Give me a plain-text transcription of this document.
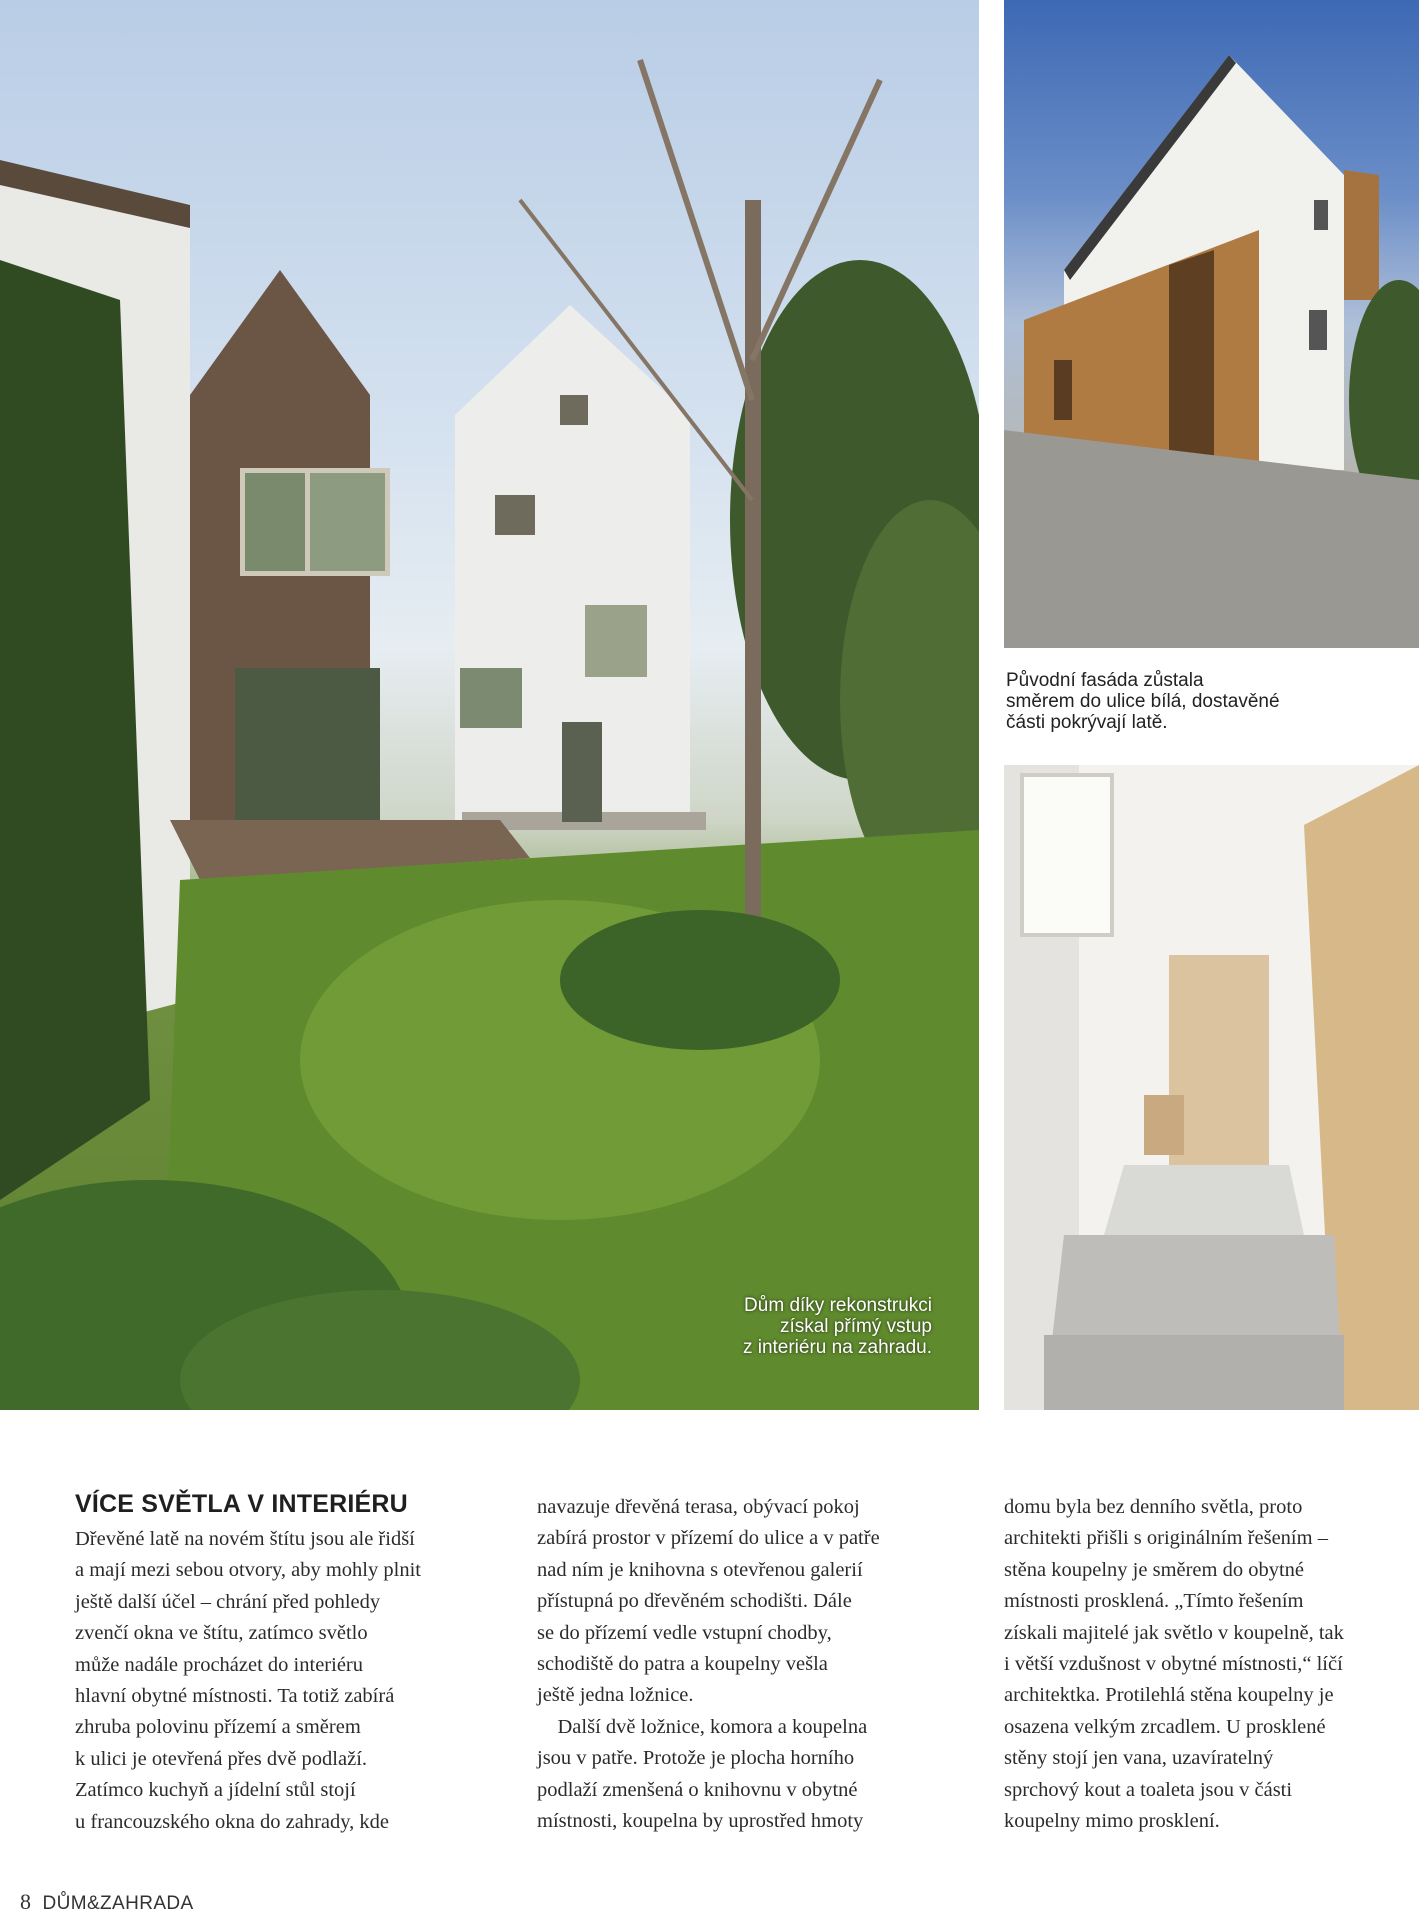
Dům díky rekonstrukci
získal přímý vstup
z interiéru na zahradu.

Původní fasáda zůstala
směrem do ulice bílá, dostavěné
části pokrývají latě.

VÍCE SVĚTLA V INTERIÉRU

Dřevěné latě na novém štítu jsou ale řidší
a mají mezi sebou otvory, aby mohly plnit
ještě další účel – chrání před pohledy
zvenčí okna ve štítu, zatímco světlo
může nadále procházet do interiéru
hlavní obytné místnosti. Ta totiž zabírá
zhruba polovinu přízemí a směrem
k ulici je otevřená přes dvě podlaží.
Zatímco kuchyň a jídelní stůl stojí
u francouzského okna do zahrady, kde

navazuje dřevěná terasa, obývací pokoj
zabírá prostor v přízemí do ulice a v patře
nad ním je knihovna s otevřenou galerií
přístupná po dřevěném schodišti. Dále
se do přízemí vedle vstupní chodby,
schodiště do patra a koupelny vešla
ještě jedna ložnice.
Další dvě ložnice, komora a koupelna
jsou v patře. Protože je plocha horního
podlaží zmenšená o knihovnu v obytné
místnosti, koupelna by uprostřed hmoty

domu byla bez denního světla, proto
architekti přišli s originálním řešením –
stěna koupelny je směrem do obytné
místnosti prosklená. „Tímto řešením
získali majitelé jak světlo v koupelně, tak
i větší vzdušnost v obytné místnosti,“ líčí
architektka. Protilehlá stěna koupelny je
osazena velkým zrcadlem. U prosklené
stěny stojí jen vana, uzavíratelný
sprchový kout a toaleta jsou v části
koupelny mimo prosklení.

8 DŮM&ZAHRADA
